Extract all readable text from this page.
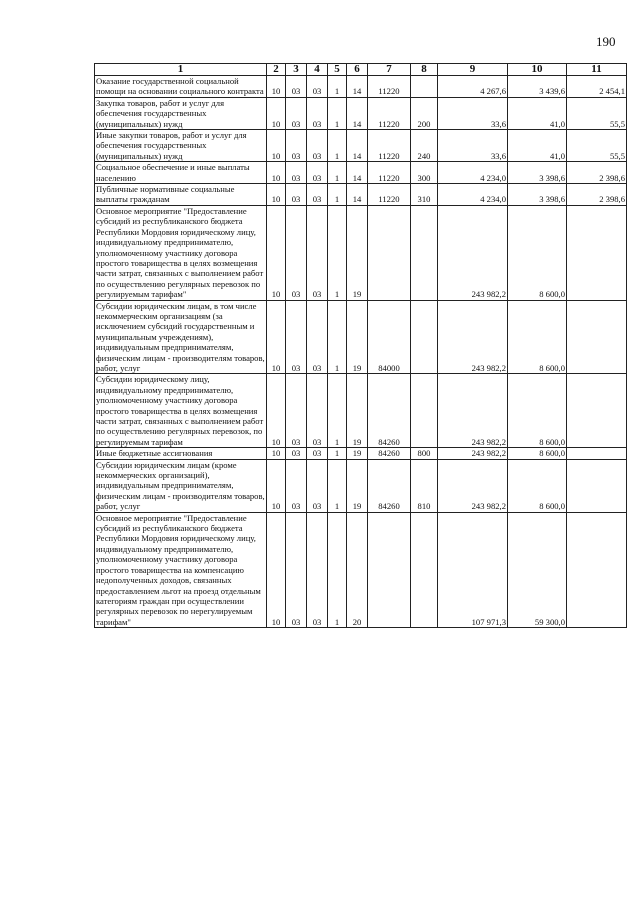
190
1	2	3	4	5	6	7	8	9	10	11
Оказание государственной социальной помощи на основании социального контракта	10	03	03	1	14	11220		4 267,6	3 439,6	2 454,1
Закупка товаров, работ и услуг для обеспечения государственных (муниципальных) нужд	10	03	03	1	14	11220	200	33,6	41,0	55,5
Иные закупки товаров, работ и услуг для обеспечения государственных (муниципальных) нужд	10	03	03	1	14	11220	240	33,6	41,0	55,5
Социальное обеспечение и иные выплаты населению	10	03	03	1	14	11220	300	4 234,0	3 398,6	2 398,6
Публичные нормативные социальные выплаты гражданам	10	03	03	1	14	11220	310	4 234,0	3 398,6	2 398,6
Основное мероприятие "Предоставление субсидий из республиканского бюджета Республики Мордовия юридическому лицу, индивидуальному предпринимателю, уполномоченному участнику договора простого товарищества в целях возмещения части затрат, связанных с выполнением работ по осуществлению регулярных перевозок по регулируемым тарифам"	10	03	03	1	19			243 982,2	8 600,0	
Субсидии юридическим лицам, в том числе некоммерческим организациям (за исключением субсидий государственным и муниципальным учреждениям), индивидуальным предпринимателям, физическим лицам - производителям товаров, работ, услуг	10	03	03	1	19	84000		243 982,2	8 600,0	
Субсидии юридическому лицу, индивидуальному предпринимателю, уполномоченному участнику договора простого товарищества в целях возмещения части затрат, связанных с выполнением работ по осуществлению регулярных перевозок, по регулируемым тарифам	10	03	03	1	19	84260		243 982,2	8 600,0	
Иные бюджетные ассигнования	10	03	03	1	19	84260	800	243 982,2	8 600,0	
Субсидии юридическим лицам (кроме некоммерческих организаций), индивидуальным предпринимателям, физическим лицам - производителям товаров, работ, услуг	10	03	03	1	19	84260	810	243 982,2	8 600,0	
Основное мероприятие "Предоставление субсидий из республиканского бюджета Республики Мордовия юридическому лицу, индивидуальному предпринимателю, уполномоченному участнику договора простого товарищества на компенсацию недополученных доходов, связанных предоставлением льгот на проезд отдельным категориям граждан при осуществлении регулярных перевозок по нерегулируемым тарифам"	10	03	03	1	20			107 971,3	59 300,0	
